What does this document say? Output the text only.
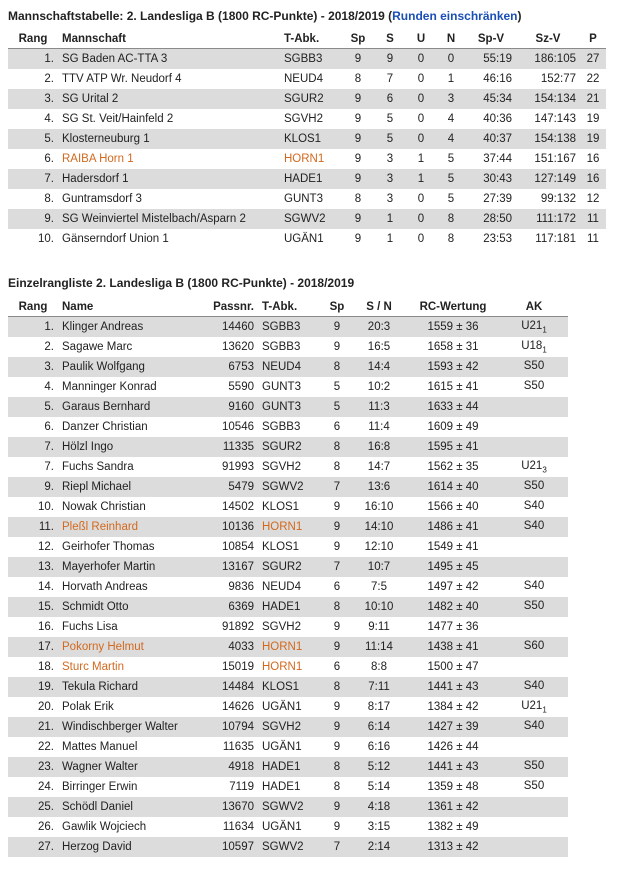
Mannschaftstabelle: 2. Landesliga B (1800 RC-Punkte) - 2018/2019 (Runden einschränken)
Rang	Mannschaft	T-Abk.	Sp	S	U	N	Sp-V	Sz-V	P
1.	SG Baden AC-TTA 3	SGBB3	9	9	0	0	55:19	186:105	27
2.	TTV ATP Wr. Neudorf 4	NEUD4	8	7	0	1	46:16	152:77	22
3.	SG Urital 2	SGUR2	9	6	0	3	45:34	154:134	21
4.	SG St. Veit/Hainfeld 2	SGVH2	9	5	0	4	40:36	147:143	19
5.	Klosterneuburg 1	KLOS1	9	5	0	4	40:37	154:138	19
6.	RAIBA Horn 1	HORN1	9	3	1	5	37:44	151:167	16
7.	Hadersdorf 1	HADE1	9	3	1	5	30:43	127:149	16
8.	Guntramsdorf 3	GUNT3	8	3	0	5	27:39	99:132	12
9.	SG Weinviertel Mistelbach/Asparn 2	SGWV2	9	1	0	8	28:50	111:172	11
10.	Gänserndorf Union 1	UGÄN1	9	1	0	8	23:53	117:181	11
Einzelrangliste 2. Landesliga B (1800 RC-Punkte) - 2018/2019
Rang	Name	Passnr.	T-Abk.	Sp	S / N	RC-Wertung	AK
1.	Klinger Andreas	14460	SGBB3	9	20:3	1559 ± 36	$U21_1$
2.	Sagawe Marc	13620	SGBB3	9	16:5	1658 ± 31	$U18_1$
3.	Paulik Wolfgang	6753	NEUD4	8	14:4	1593 ± 42	S50
4.	Manninger Konrad	5590	GUNT3	5	10:2	1615 ± 41	S50
5.	Garaus Bernhard	9160	GUNT3	5	11:3	1633 ± 44	
6.	Danzer Christian	10546	SGBB3	6	11:4	1609 ± 49	
7.	Hölzl Ingo	11335	SGUR2	8	16:8	1595 ± 41	
7.	Fuchs Sandra	91993	SGVH2	8	14:7	1562 ± 35	$U21_3$
9.	Riepl Michael	5479	SGWV2	7	13:6	1614 ± 40	S50
10.	Nowak Christian	14502	KLOS1	9	16:10	1566 ± 40	S40
11.	Pleßl Reinhard	10136	HORN1	9	14:10	1486 ± 41	S40
12.	Geirhofer Thomas	10854	KLOS1	9	12:10	1549 ± 41	
13.	Mayerhofer Martin	13167	SGUR2	7	10:7	1495 ± 45	
14.	Horvath Andreas	9836	NEUD4	6	7:5	1497 ± 42	S40
15.	Schmidt Otto	6369	HADE1	8	10:10	1482 ± 40	S50
16.	Fuchs Lisa	91892	SGVH2	9	9:11	1477 ± 36	
17.	Pokorny Helmut	4033	HORN1	9	11:14	1438 ± 41	S60
18.	Sturc Martin	15019	HORN1	6	8:8	1500 ± 47	
19.	Tekula Richard	14484	KLOS1	8	7:11	1441 ± 43	S40
20.	Polak Erik	14626	UGÄN1	9	8:17	1384 ± 42	$U21_1$
21.	Windischberger Walter	10794	SGVH2	9	6:14	1427 ± 39	S40
22.	Mattes Manuel	11635	UGÄN1	9	6:16	1426 ± 44	
23.	Wagner Walter	4918	HADE1	8	5:12	1441 ± 43	S50
24.	Birringer Erwin	7119	HADE1	8	5:14	1359 ± 48	S50
25.	Schödl Daniel	13670	SGWV2	9	4:18	1361 ± 42	
26.	Gawlik Wojciech	11634	UGÄN1	9	3:15	1382 ± 49	
27.	Herzog David	10597	SGWV2	7	2:14	1313 ± 42	
